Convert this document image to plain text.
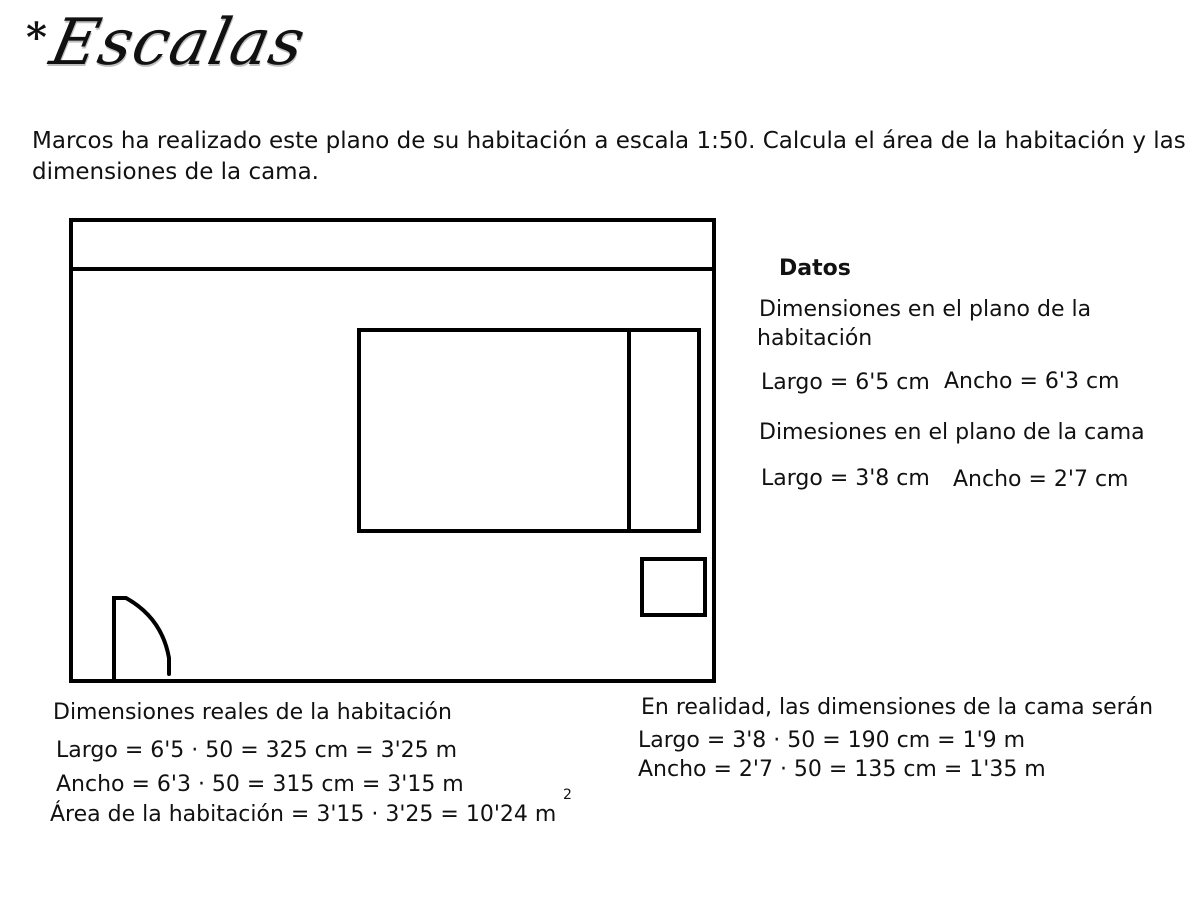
*
Escalas
Marcos ha realizado este plano de su habitación a escala 1:50. Calcula el área de la habitación y las dimensiones de la cama.
Datos
Dimensiones en el plano de la
habitación
Largo = 6'5 cm Ancho = 6'3 cm
Dimesiones en el plano de la cama
Largo = 3'8 cm Ancho = 2'7 cm
Dimensiones reales de la habitación
Largo = 6'5 · 50 = 325 cm = 3'25 m
Ancho = 6'3 · 50 = 315 cm = 3'15 m
Área de la habitación = 3'15 · 3'25 = 10'24 m
2
En realidad, las dimensiones de la cama serán
Largo = 3'8 · 50 = 190 cm = 1'9 m
Ancho = 2'7 · 50 = 135 cm = 1'35 m
